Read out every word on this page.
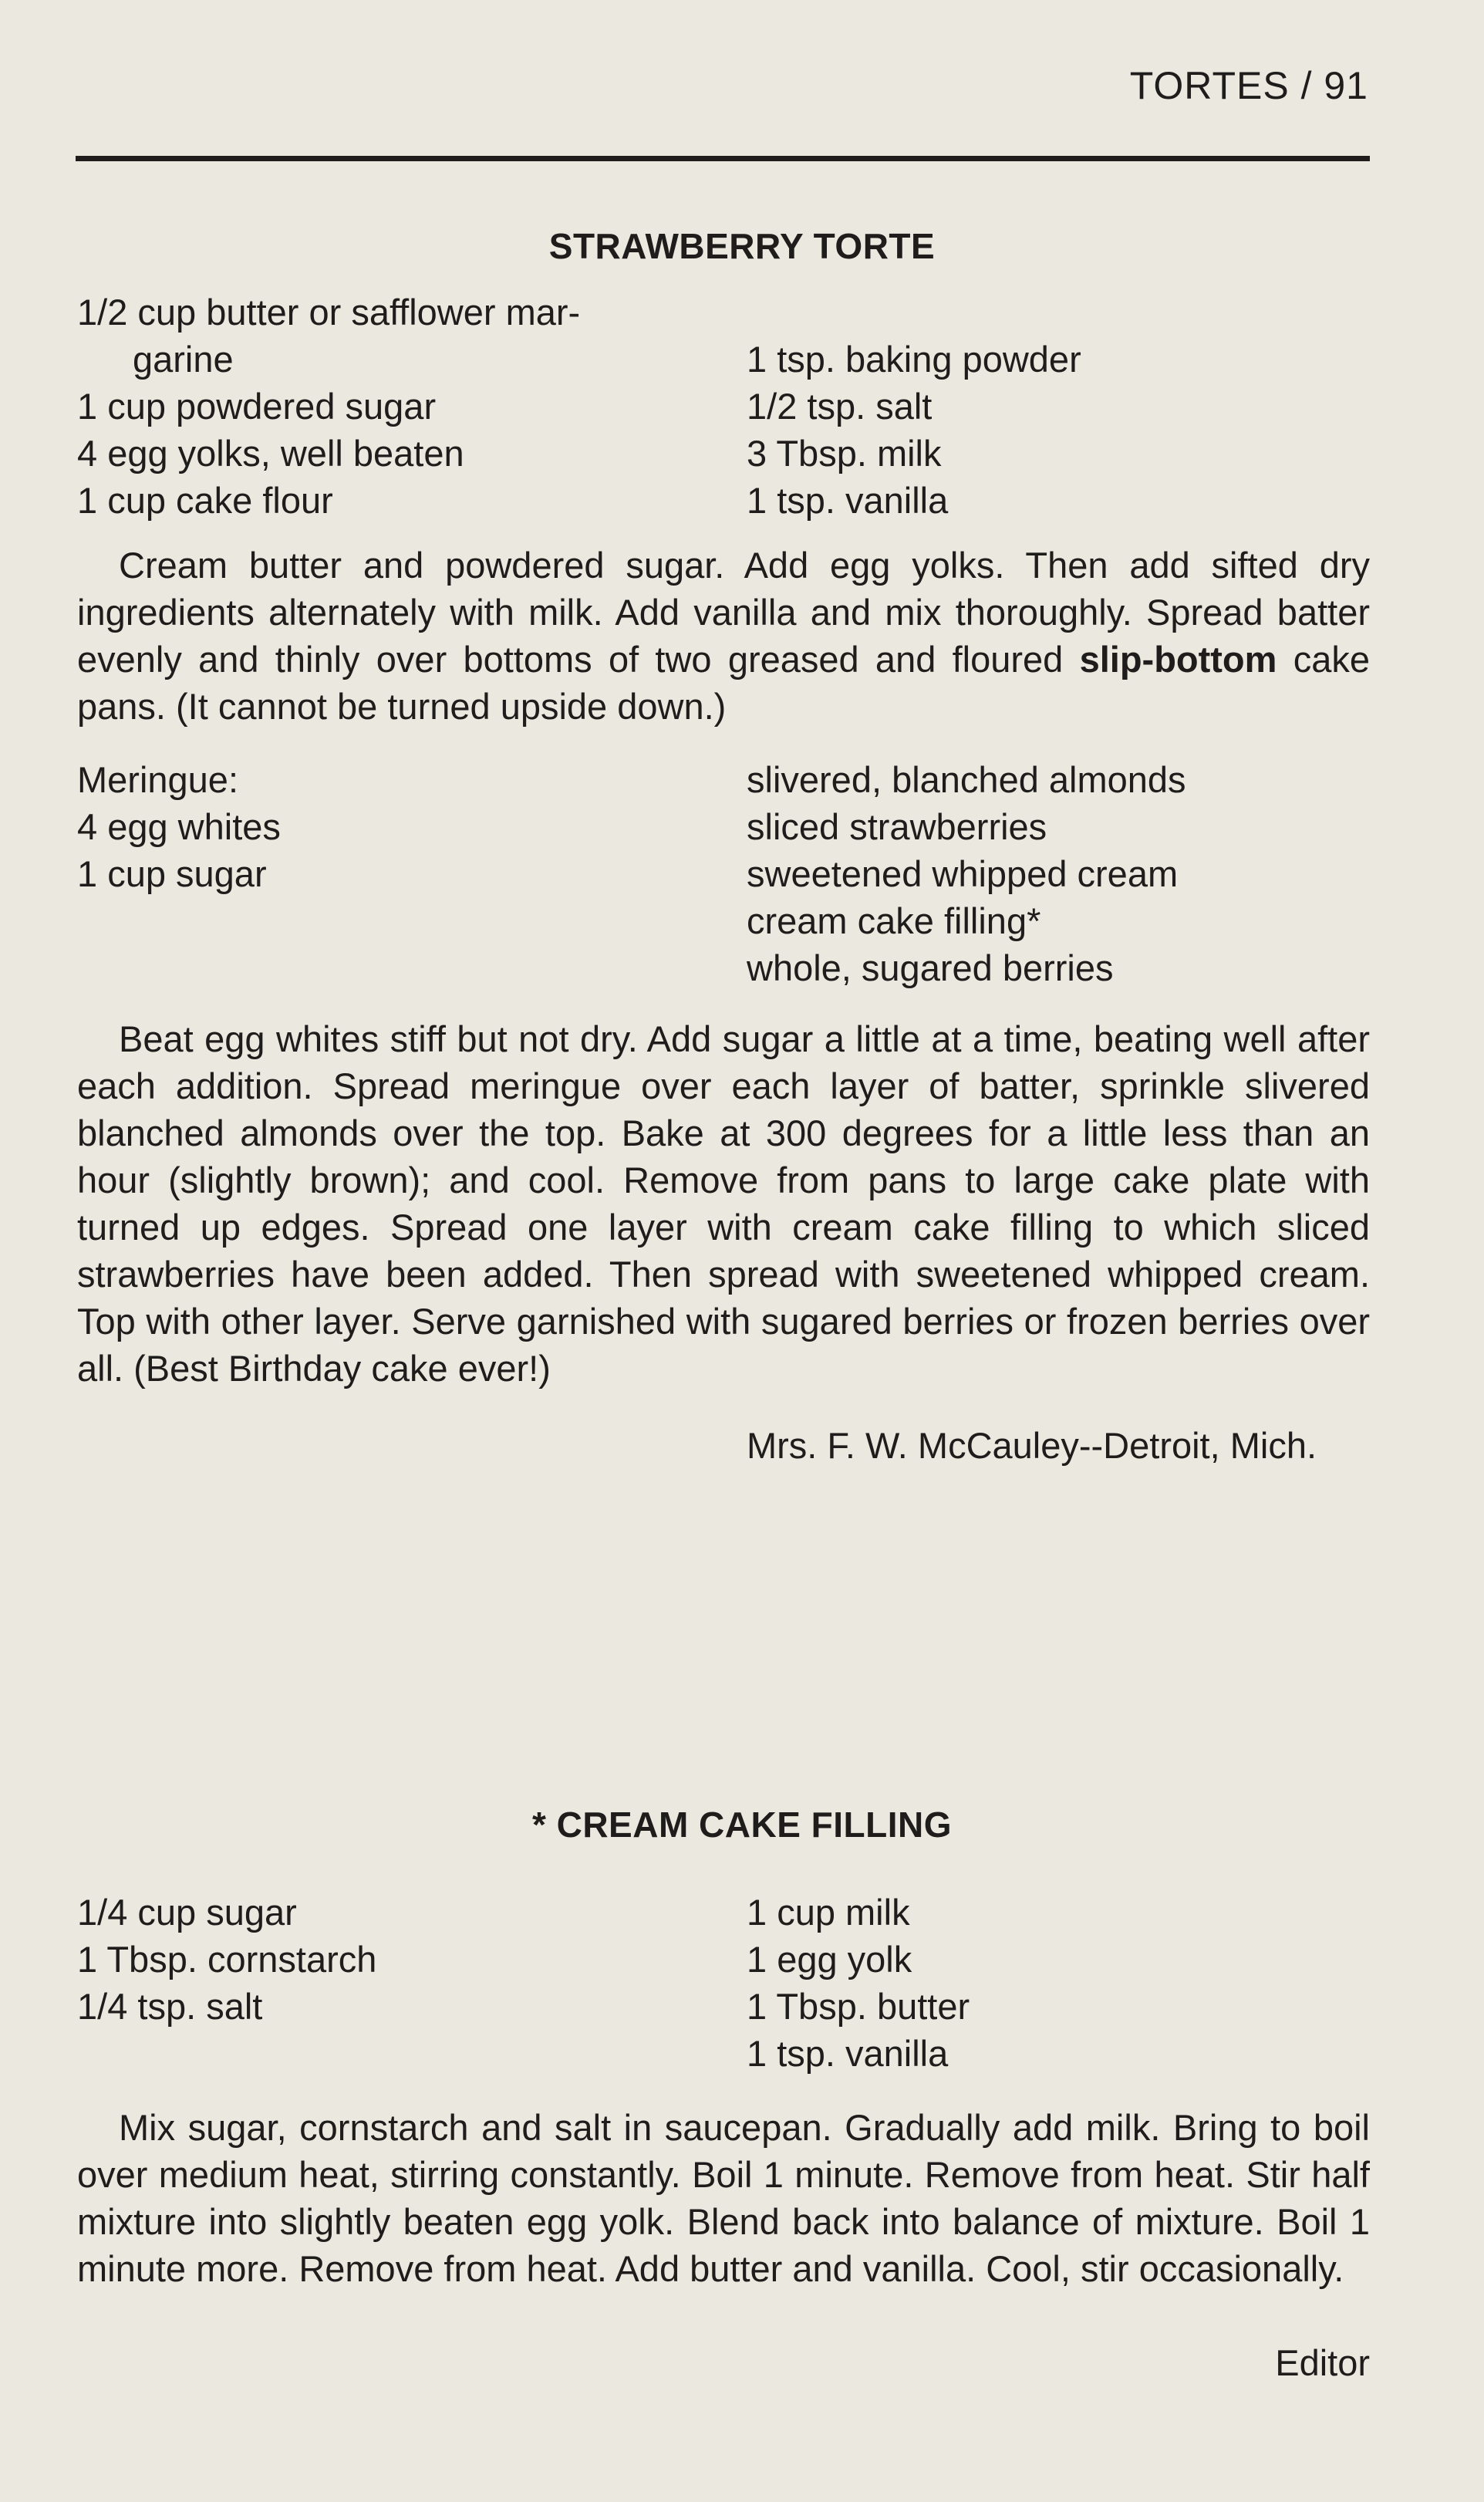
TORTES / 91
STRAWBERRY TORTE
1/2 cup butter or safflower mar-
garine
1 cup powdered sugar
4 egg yolks, well beaten
1 cup cake flour
1 tsp. baking powder
1/2 tsp. salt
3 Tbsp. milk
1 tsp. vanilla
Cream butter and powdered sugar. Add egg yolks. Then add sifted dry ingredients alternately with milk. Add vanilla and mix thoroughly. Spread batter evenly and thinly over bottoms of two greased and floured slip-bottom cake pans. (It cannot be turned upside down.)
Meringue:
4 egg whites
1 cup sugar
slivered, blanched almonds
sliced strawberries
sweetened whipped cream
cream cake filling*
whole, sugared berries
Beat egg whites stiff but not dry. Add sugar a little at a time, beating well after each addition. Spread meringue over each layer of batter, sprinkle slivered blanched almonds over the top. Bake at 300 degrees for a little less than an hour (slightly brown); and cool. Remove from pans to large cake plate with turned up edges. Spread one layer with cream cake filling to which sliced strawberries have been added. Then spread with sweetened whipped cream. Top with other layer. Serve garnished with sugared berries or frozen berries over all. (Best Birthday cake ever!)
Mrs. F. W. McCauley--Detroit, Mich.
* CREAM CAKE FILLING
1/4 cup sugar
1 Tbsp. cornstarch
1/4 tsp. salt
1 cup milk
1 egg yolk
1 Tbsp. butter
1 tsp. vanilla
Mix sugar, cornstarch and salt in saucepan. Gradually add milk. Bring to boil over medium heat, stirring constantly. Boil 1 minute. Remove from heat. Stir half mixture into slightly beaten egg yolk. Blend back into balance of mixture. Boil 1 minute more. Remove from heat. Add butter and vanilla. Cool, stir occasionally.
Editor
